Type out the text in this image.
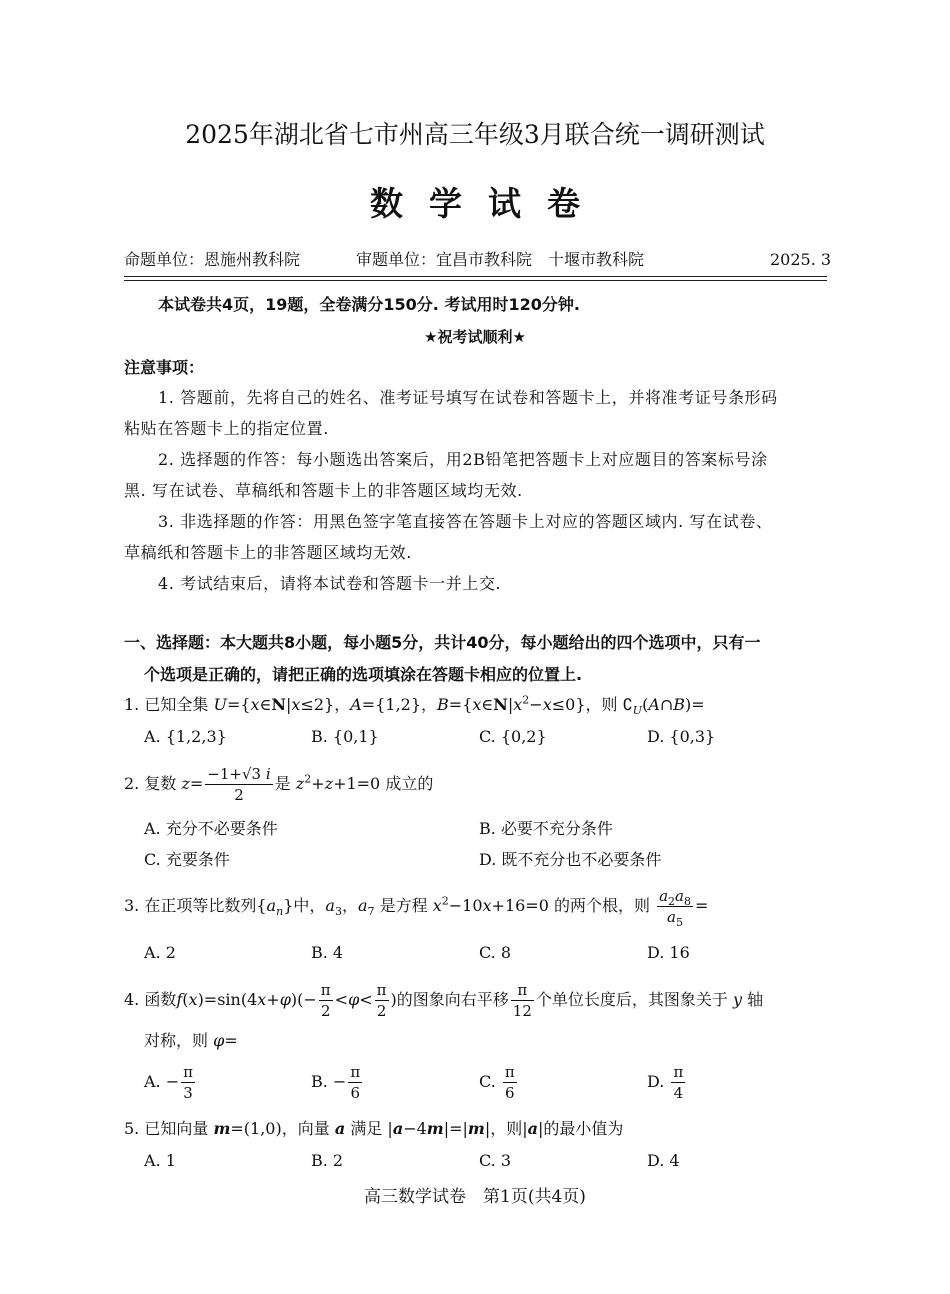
2025年湖北省七市州高三年级3月联合统一调研测试
数学试卷
命题单位：恩施州教科院	审题单位：宜昌市教科院　十堰市教科院	2025. 3
本试卷共4页，19题，全卷满分150分. 考试用时120分钟.
★祝考试顺利★
注意事项：
1. 答题前，先将自己的姓名、准考证号填写在试卷和答题卡上，并将准考证号条形码
粘贴在答题卡上的指定位置.
2. 选择题的作答：每小题选出答案后，用2B铅笔把答题卡上对应题目的答案标号涂
黑. 写在试卷、草稿纸和答题卡上的非答题区域均无效.
3. 非选择题的作答：用黑色签字笔直接答在答题卡上对应的答题区域内. 写在试卷、
草稿纸和答题卡上的非答题区域均无效.
4. 考试结束后，请将本试卷和答题卡一并上交.
一、选择题：本大题共8小题，每小题5分，共计40分，每小题给出的四个选项中，只有一
个选项是正确的，请把正确的选项填涂在答题卡相应的位置上.
1. 已知全集 U={x∈N|x≤2}，A={1,2}，$B=\{x\in N|x^2-x\le 0\}$，则 $∁_U(A\cap B)=$
A. {1,2,3}	B. {0,1}	C. {0,2}	D. {0,3}
2. 复数 $z= \frac{-1+√3 i}{2}$ 是 $z^2+z+1=0$ 成立的
A. 充分不必要条件	B. 必要不充分条件
C. 充要条件	D. 既不充分也不必要条件
3. 在正项等比数列$\{a_n\}$中，$a_3$，$a_7$ 是方程 $x^2-10x+16=0$ 的两个根，则 $\frac{a_2a_8}{a_5}$ =
A. 2	B. 4	C. 8	D. 16
4. 函数$f(x)=\sin(4x+\varphi)(- \frac{\pi}{2} <\varphi< \frac{\pi}{2}$ )的图象向右平移 $\frac{\pi}{12}$ 个单位长度后，其图象关于 y 轴
对称，则 φ=
A. − $\frac{\pi}{3}$	B. − $\frac{\pi}{6}$	C. $\frac{\pi}{6}$	D. $\frac{\pi}{4}$
5. 已知向量 m=(1,0)，向量 a 满足 |a−4m|=|m|，则|a|的最小值为
A. 1	B. 2	C. 3	D. 4
高三数学试卷　第1页(共4页)
